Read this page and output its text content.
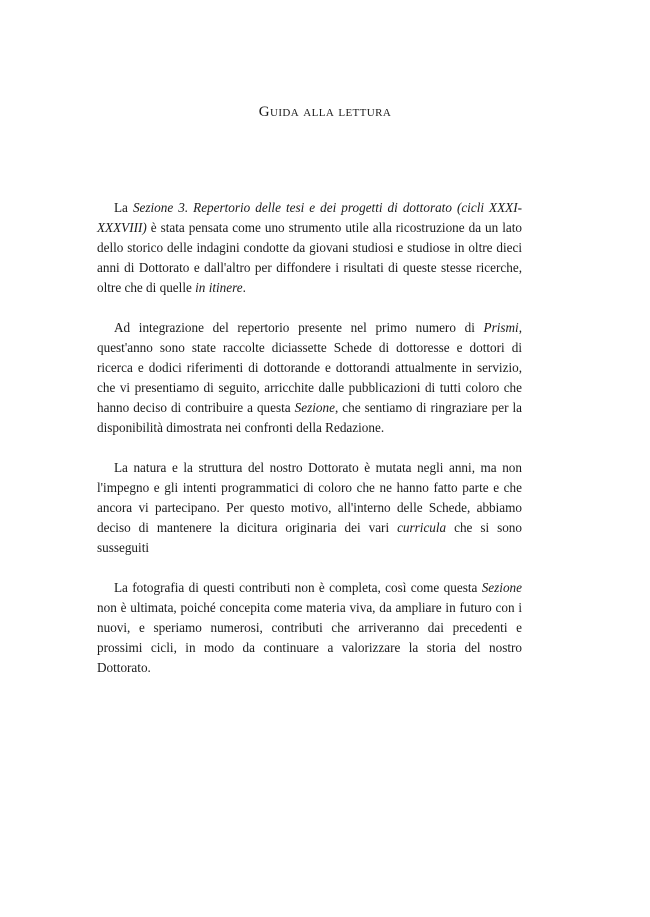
Guida alla lettura

La Sezione 3. Repertorio delle tesi e dei progetti di dottorato (cicli XXXI-XXXVIII) è stata pensata come uno strumento utile alla ricostruzione da un lato dello storico delle indagini condotte da giovani studiosi e studiose in oltre dieci anni di Dottorato e dall'altro per diffondere i risultati di queste stesse ricerche, oltre che di quelle in itinere.

Ad integrazione del repertorio presente nel primo numero di Prismi, quest'anno sono state raccolte diciassette Schede di dottoresse e dottori di ricerca e dodici riferimenti di dottorande e dottorandi attualmente in servizio, che vi presentiamo di seguito, arricchite dalle pubblicazioni di tutti coloro che hanno deciso di contribuire a questa Sezione, che sentiamo di ringraziare per la disponibilità dimostrata nei confronti della Redazione.

La natura e la struttura del nostro Dottorato è mutata negli anni, ma non l'impegno e gli intenti programmatici di coloro che ne hanno fatto parte e che ancora vi partecipano. Per questo motivo, all'interno delle Schede, abbiamo deciso di mantenere la dicitura originaria dei vari curricula che si sono susseguiti

La fotografia di questi contributi non è completa, così come questa Sezione non è ultimata, poiché concepita come materia viva, da ampliare in futuro con i nuovi, e speriamo numerosi, contributi che arriveranno dai precedenti e prossimi cicli, in modo da continuare a valorizzare la storia del nostro Dottorato.
